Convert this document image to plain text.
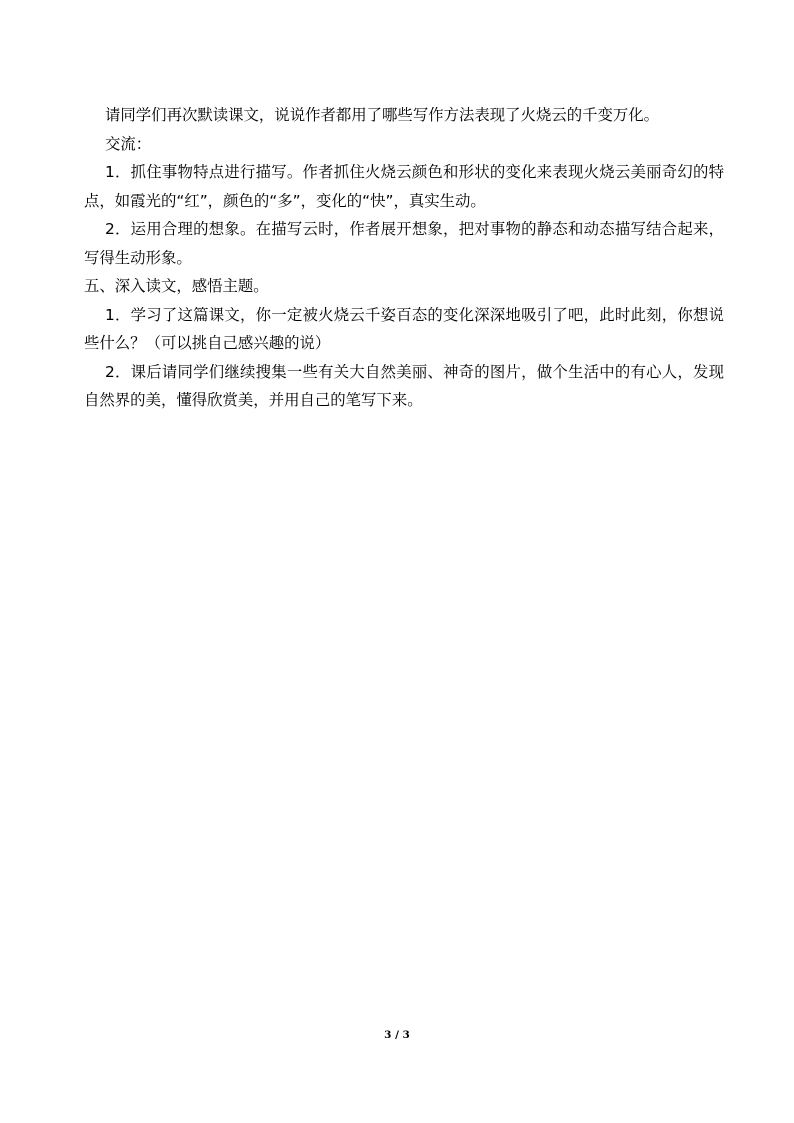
请同学们再次默读课文，说说作者都用了哪些写作方法表现了火烧云的千变万化。

交流：

1．抓住事物特点进行描写。作者抓住火烧云颜色和形状的变化来表现火烧云美丽奇幻的特点，如霞光的“红”，颜色的“多”，变化的“快”，真实生动。

2．运用合理的想象。在描写云时，作者展开想象，把对事物的静态和动态描写结合起来，写得生动形象。

五、深入读文，感悟主题。

1．学习了这篇课文，你一定被火烧云千姿百态的变化深深地吸引了吧，此时此刻，你想说些什么？（可以挑自己感兴趣的说）

2．课后请同学们继续搜集一些有关大自然美丽、神奇的图片，做个生活中的有心人，发现自然界的美，懂得欣赏美，并用自己的笔写下来。

3 / 3
